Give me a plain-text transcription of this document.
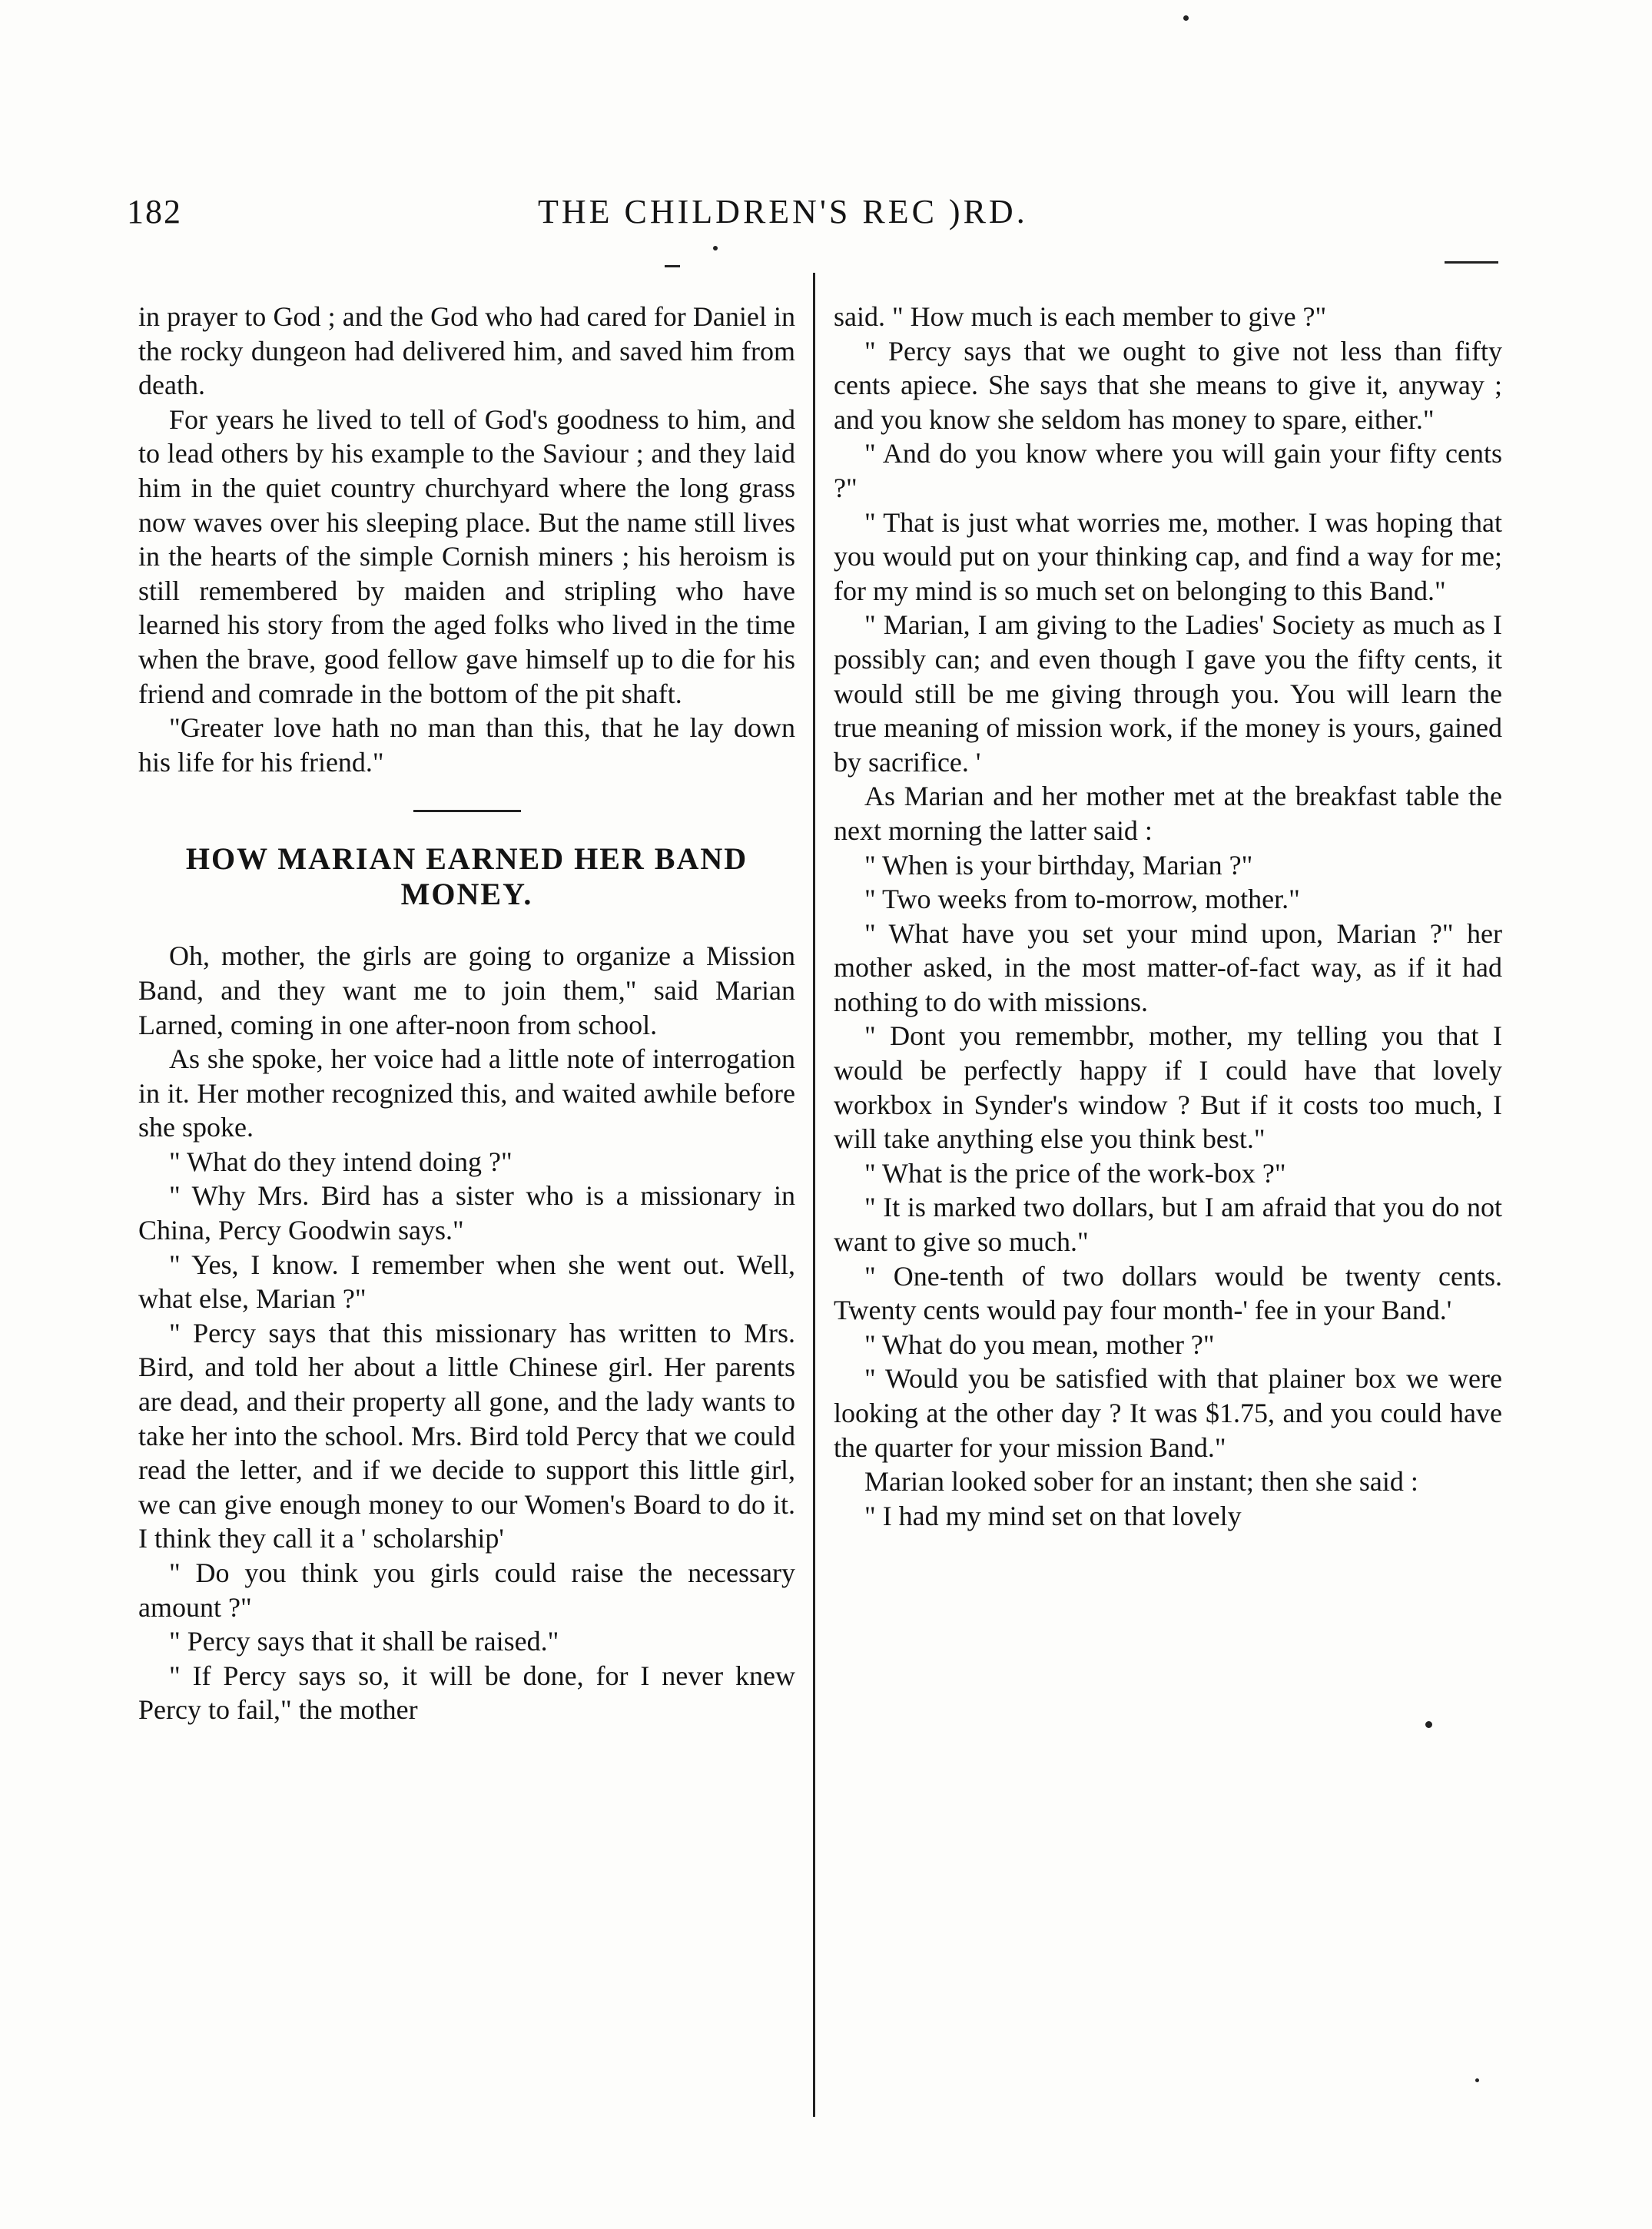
182	THE CHILDREN'S REC )RD.

in prayer to God ; and the God who had cared for Daniel in the rocky dungeon had delivered him, and saved him from death.

For years he lived to tell of God's goodness to him, and to lead others by his example to the Saviour ; and they laid him in the quiet country churchyard where the long grass now waves over his sleeping place. But the name still lives in the hearts of the simple Cornish miners ; his heroism is still remembered by maiden and stripling who have learned his story from the aged folks who lived in the time when the brave, good fellow gave himself up to die for his friend and comrade in the bottom of the pit shaft.

"Greater love hath no man than this, that he lay down his life for his friend."

HOW MARIAN EARNED HER BAND MONEY.

Oh, mother, the girls are going to organize a Mission Band, and they want me to join them," said Marian Larned, coming in one after-noon from school.

As she spoke, her voice had a little note of interrogation in it. Her mother recognized this, and waited awhile before she spoke.

" What do they intend doing ?"

" Why Mrs. Bird has a sister who is a missionary in China, Percy Goodwin says."

" Yes, I know. I remember when she went out. Well, what else, Marian ?"

" Percy says that this missionary has written to Mrs. Bird, and told her about a little Chinese girl. Her parents are dead, and their property all gone, and the lady wants to take her into the school. Mrs. Bird told Percy that we could read the letter, and if we decide to support this little girl, we can give enough money to our Women's Board to do it. I think they call it a ' scholarship'

" Do you think you girls could raise the necessary amount ?"

" Percy says that it shall be raised."

" If Percy says so, it will be done, for I never knew Percy to fail," the mother

said. " How much is each member to give ?"

" Percy says that we ought to give not less than fifty cents apiece. She says that she means to give it, anyway ; and you know she seldom has money to spare, either."

" And do you know where you will gain your fifty cents ?"

" That is just what worries me, mother. I was hoping that you would put on your thinking cap, and find a way for me; for my mind is so much set on belonging to this Band."

" Marian, I am giving to the Ladies' Society as much as I possibly can; and even though I gave you the fifty cents, it would still be me giving through you. You will learn the true meaning of mission work, if the money is yours, gained by sacrifice. '

As Marian and her mother met at the breakfast table the next morning the latter said :

" When is your birthday, Marian ?"

" Two weeks from to-morrow, mother."

" What have you set your mind upon, Marian ?" her mother asked, in the most matter-of-fact way, as if it had nothing to do with missions.

" Dont you remembbr, mother, my telling you that I would be perfectly happy if I could have that lovely workbox in Synder's window ? But if it costs too much, I will take anything else you think best."

" What is the price of the work-box ?"

" It is marked two dollars, but I am afraid that you do not want to give so much."

" One-tenth of two dollars would be twenty cents. Twenty cents would pay four month-' fee in your Band.'

" What do you mean, mother ?"

" Would you be satisfied with that plainer box we were looking at the other day ? It was $1.75, and you could have the quarter for your mission Band."

Marian looked sober for an instant; then she said :

" I had my mind set on that lovely
